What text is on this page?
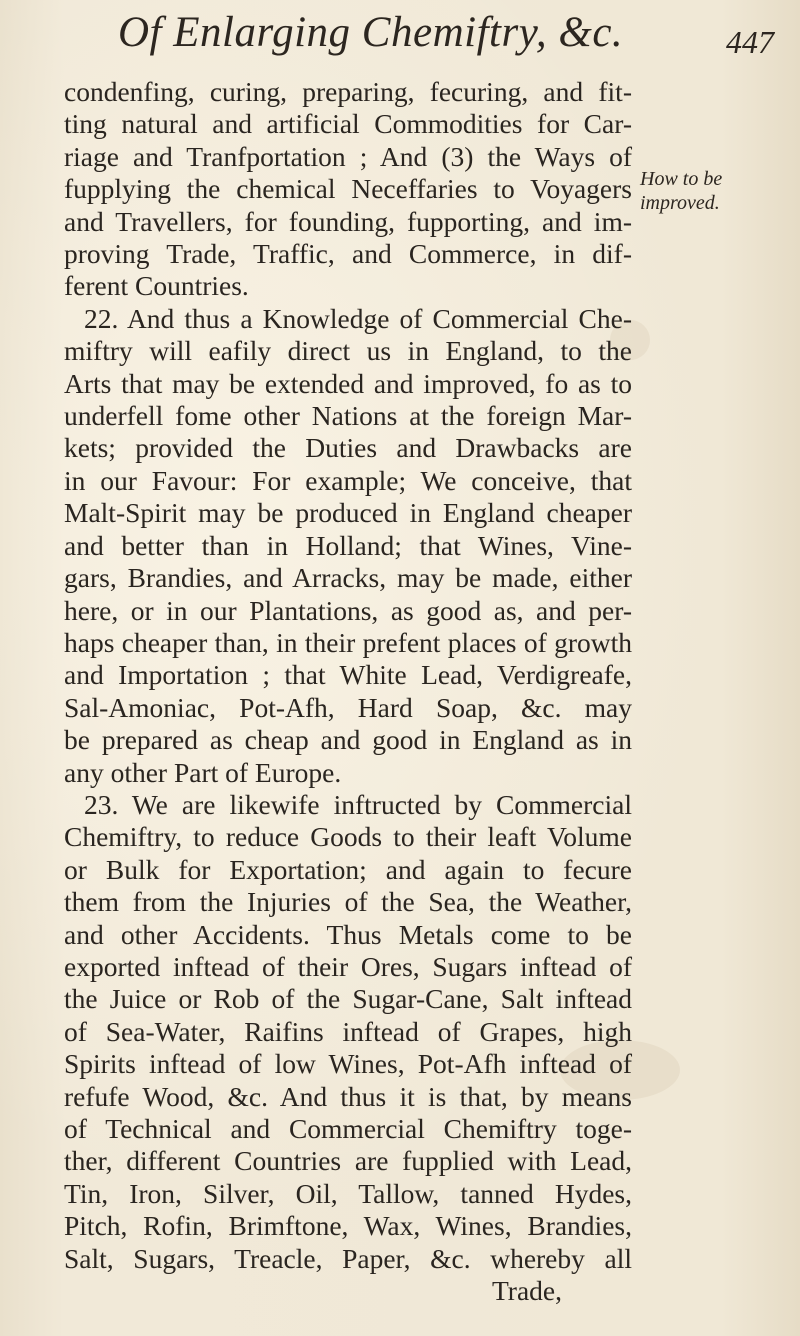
Of Enlarging Chemiftry, &c.	447
How to be
improved.
condenfing, curing, preparing, fecuring, and fit-
ting natural and artificial Commodities for Car-
riage and Tranfportation ; And (3) the Ways of
fupplying the chemical Neceffaries to Voyagers
and Travellers, for founding, fupporting, and im-
proving Trade, Traffic, and Commerce, in dif-
ferent Countries.
22. And thus a Knowledge of Commercial Che-
miftry will eafily direct us in England, to the
Arts that may be extended and improved, fo as to
underfell fome other Nations at the foreign Mar-
kets; provided the Duties and Drawbacks are
in our Favour: For example; We conceive, that
Malt-Spirit may be produced in England cheaper
and better than in Holland; that Wines, Vine-
gars, Brandies, and Arracks, may be made, either
here, or in our Plantations, as good as, and per-
haps cheaper than, in their prefent places of growth
and Importation ; that White Lead, Verdigreafe,
Sal-Amoniac, Pot-Afh, Hard Soap, &c. may
be prepared as cheap and good in England as in
any other Part of Europe.
23. We are likewife inftructed by Commercial
Chemiftry, to reduce Goods to their leaft Volume
or Bulk for Exportation; and again to fecure
them from the Injuries of the Sea, the Weather,
and other Accidents. Thus Metals come to be
exported inftead of their Ores, Sugars inftead of
the Juice or Rob of the Sugar-Cane, Salt inftead
of Sea-Water, Raifins inftead of Grapes, high
Spirits inftead of low Wines, Pot-Afh inftead of
refufe Wood, &c. And thus it is that, by means
of Technical and Commercial Chemiftry toge-
ther, different Countries are fupplied with Lead,
Tin, Iron, Silver, Oil, Tallow, tanned Hydes,
Pitch, Rofin, Brimftone, Wax, Wines, Brandies,
Salt, Sugars, Treacle, Paper, &c. whereby all
Trade,
